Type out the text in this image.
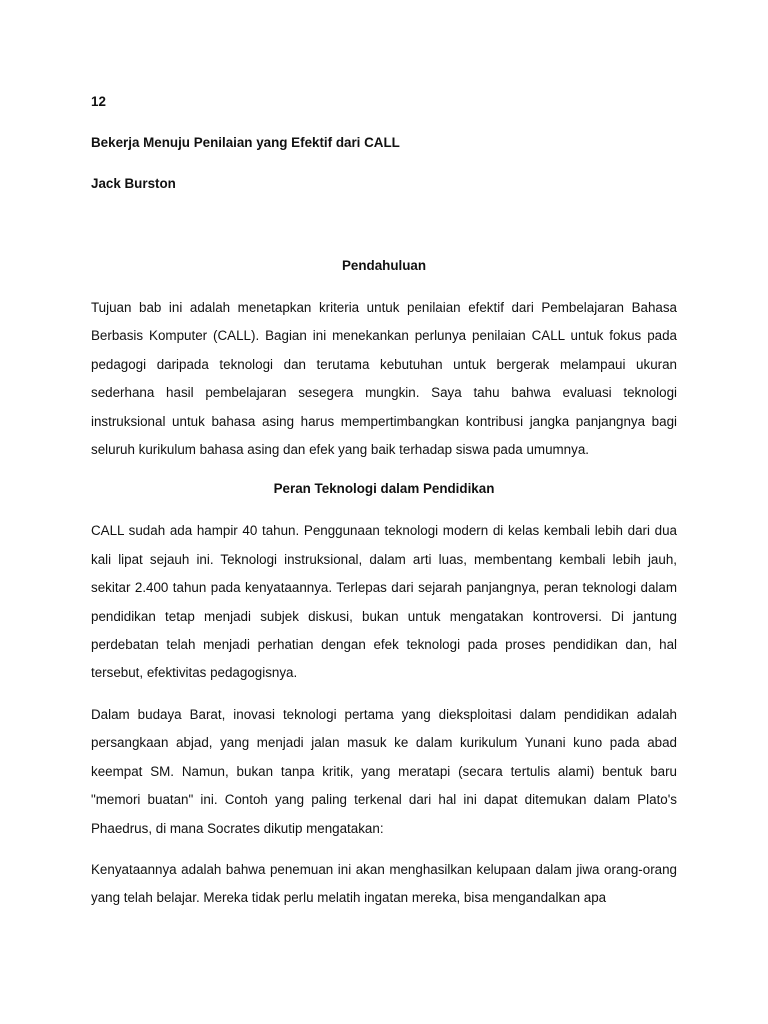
12

Bekerja Menuju Penilaian yang Efektif dari CALL

Jack Burston

Pendahuluan

Tujuan bab ini adalah menetapkan kriteria untuk penilaian efektif dari Pembelajaran Bahasa Berbasis Komputer (CALL). Bagian ini menekankan perlunya penilaian CALL untuk fokus pada pedagogi daripada teknologi dan terutama kebutuhan untuk bergerak melampaui ukuran sederhana hasil pembelajaran sesegera mungkin. Saya tahu bahwa evaluasi teknologi instruksional untuk bahasa asing harus mempertimbangkan kontribusi jangka panjangnya bagi seluruh kurikulum bahasa asing dan efek yang baik terhadap siswa pada umumnya.

Peran Teknologi dalam Pendidikan

CALL sudah ada hampir 40 tahun. Penggunaan teknologi modern di kelas kembali lebih dari dua kali lipat sejauh ini. Teknologi instruksional, dalam arti luas, membentang kembali lebih jauh, sekitar 2.400 tahun pada kenyataannya. Terlepas dari sejarah panjangnya, peran teknologi dalam pendidikan tetap menjadi subjek diskusi, bukan untuk mengatakan kontroversi. Di jantung perdebatan telah menjadi perhatian dengan efek teknologi pada proses pendidikan dan, hal tersebut, efektivitas pedagogisnya.

Dalam budaya Barat, inovasi teknologi pertama yang dieksploitasi dalam pendidikan adalah persangkaan abjad, yang menjadi jalan masuk ke dalam kurikulum Yunani kuno pada abad keempat SM. Namun, bukan tanpa kritik, yang meratapi (secara tertulis alami) bentuk baru "memori buatan" ini. Contoh yang paling terkenal dari hal ini dapat ditemukan dalam Plato's Phaedrus, di mana Socrates dikutip mengatakan:

Kenyataannya adalah bahwa penemuan ini akan menghasilkan kelupaan dalam jiwa orang-orang yang telah belajar. Mereka tidak perlu melatih ingatan mereka, bisa mengandalkan apa
